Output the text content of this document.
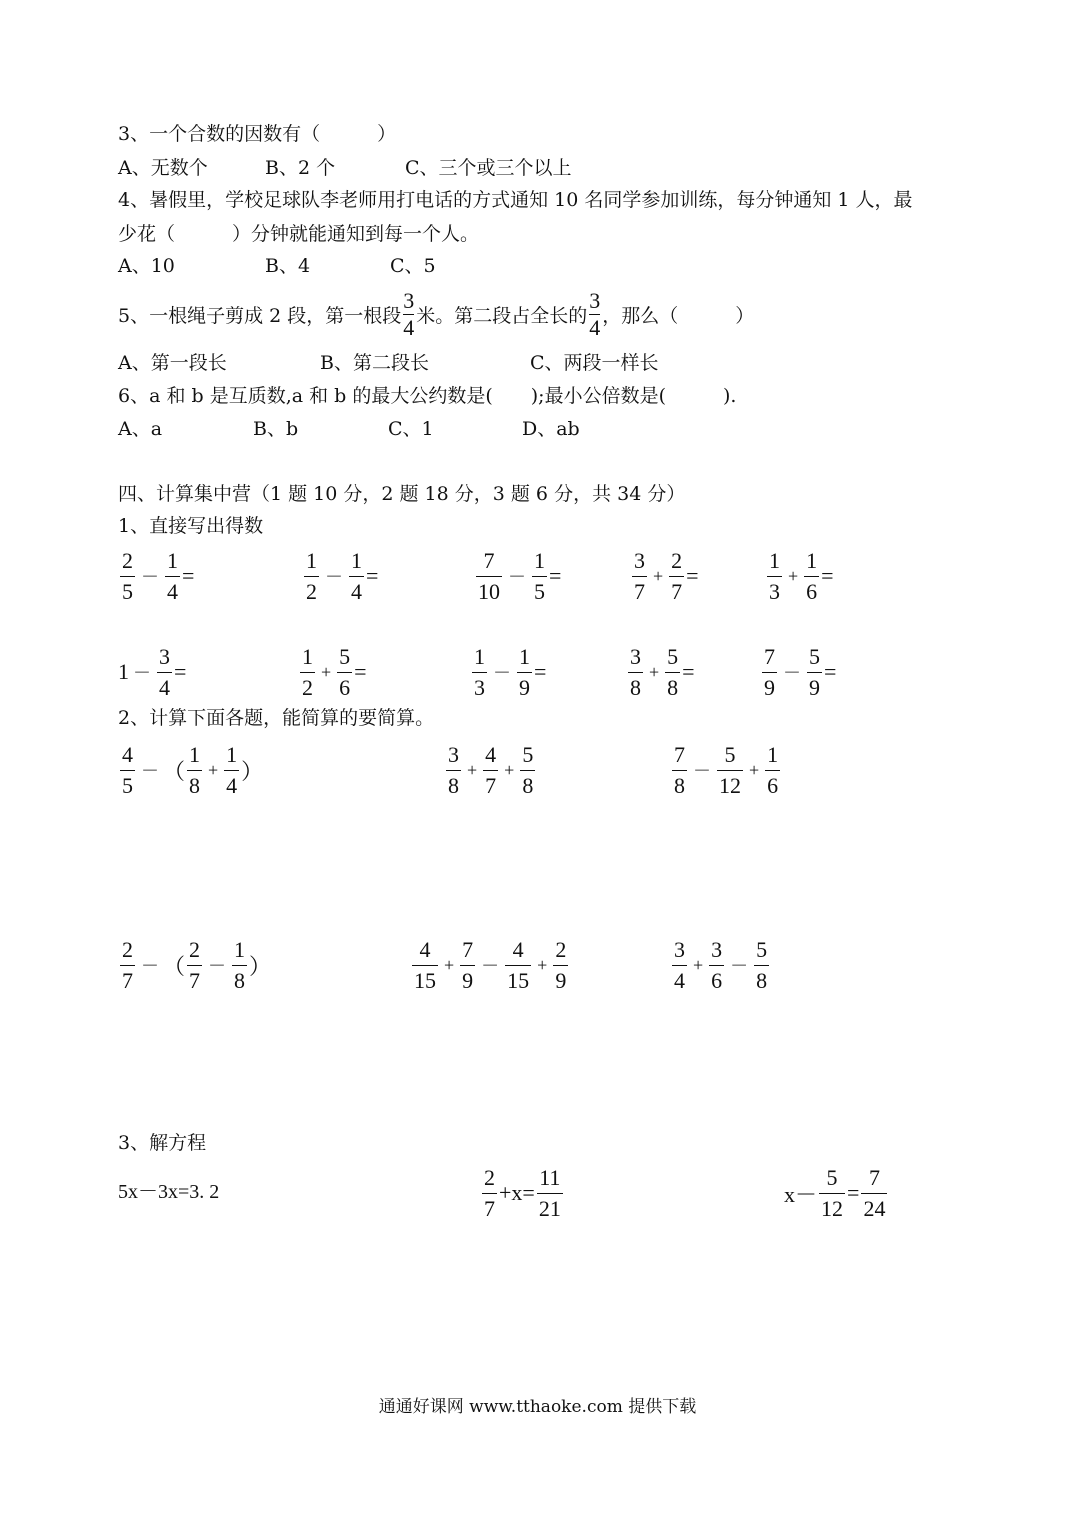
3、一个合数的因数有（　　　）
A、无数个	B、2 个	C、三个或三个以上
4、暑假里，学校足球队李老师用打电话的方式通知 10 名同学参加训练，每分钟通知 1 人，最
少花（　　　）分钟就能通知到每一个人。
A、10	B、4	C、5
5、一根绳子剪成 2 段，第一根段 $\frac{3}{4}$ 米。第二段占全长的 $\frac{3}{4}$ ，那么（　　　）
A、第一段长	B、第二段长	C、两段一样长
6、a 和 b 是互质数,a 和 b 的最大公约数是(　　);最小公倍数是(　　　).
A、a	B、b	C、1	D、ab
四、计算集中营（1 题 10 分，2 题 18 分，3 题 6 分，共 34 分）
1、直接写出得数
$\frac{2}{5} - \frac{1}{4}$ =	$\frac{1}{2} - \frac{1}{4}$ =	$\frac{7}{10} - \frac{1}{5}$ =	$\frac{3}{7} + \frac{2}{7}$ =	$\frac{1}{3} + \frac{1}{6}$ =
$1 - \frac{3}{4}$ =	$\frac{1}{2} + \frac{5}{6}$ =	$\frac{1}{3} - \frac{1}{9}$ =	$\frac{3}{8} + \frac{5}{8}$ =	$\frac{7}{9} - \frac{5}{9}$ =
2、计算下面各题，能简算的要简算。
$\frac{4}{5}$ － （ $\frac{1}{8} + \frac{1}{4}$ ）	$\frac{3}{8} + \frac{4}{7} + \frac{5}{8}$	$\frac{7}{8} - \frac{5}{12} + \frac{1}{6}$
$\frac{2}{7}$ － （ $\frac{2}{7} - \frac{1}{8}$ ）	$\frac{4}{15} + \frac{7}{9} - \frac{4}{15} + \frac{2}{9}$	$\frac{3}{4} + \frac{3}{6} - \frac{5}{8}$
3、解方程
5x－3x=3. 2	$\frac{2}{7} +x= \frac{11}{21}$	$x- \frac{5}{12} = \frac{7}{24}$
通通好课网 www.tthaoke.com 提供下载
